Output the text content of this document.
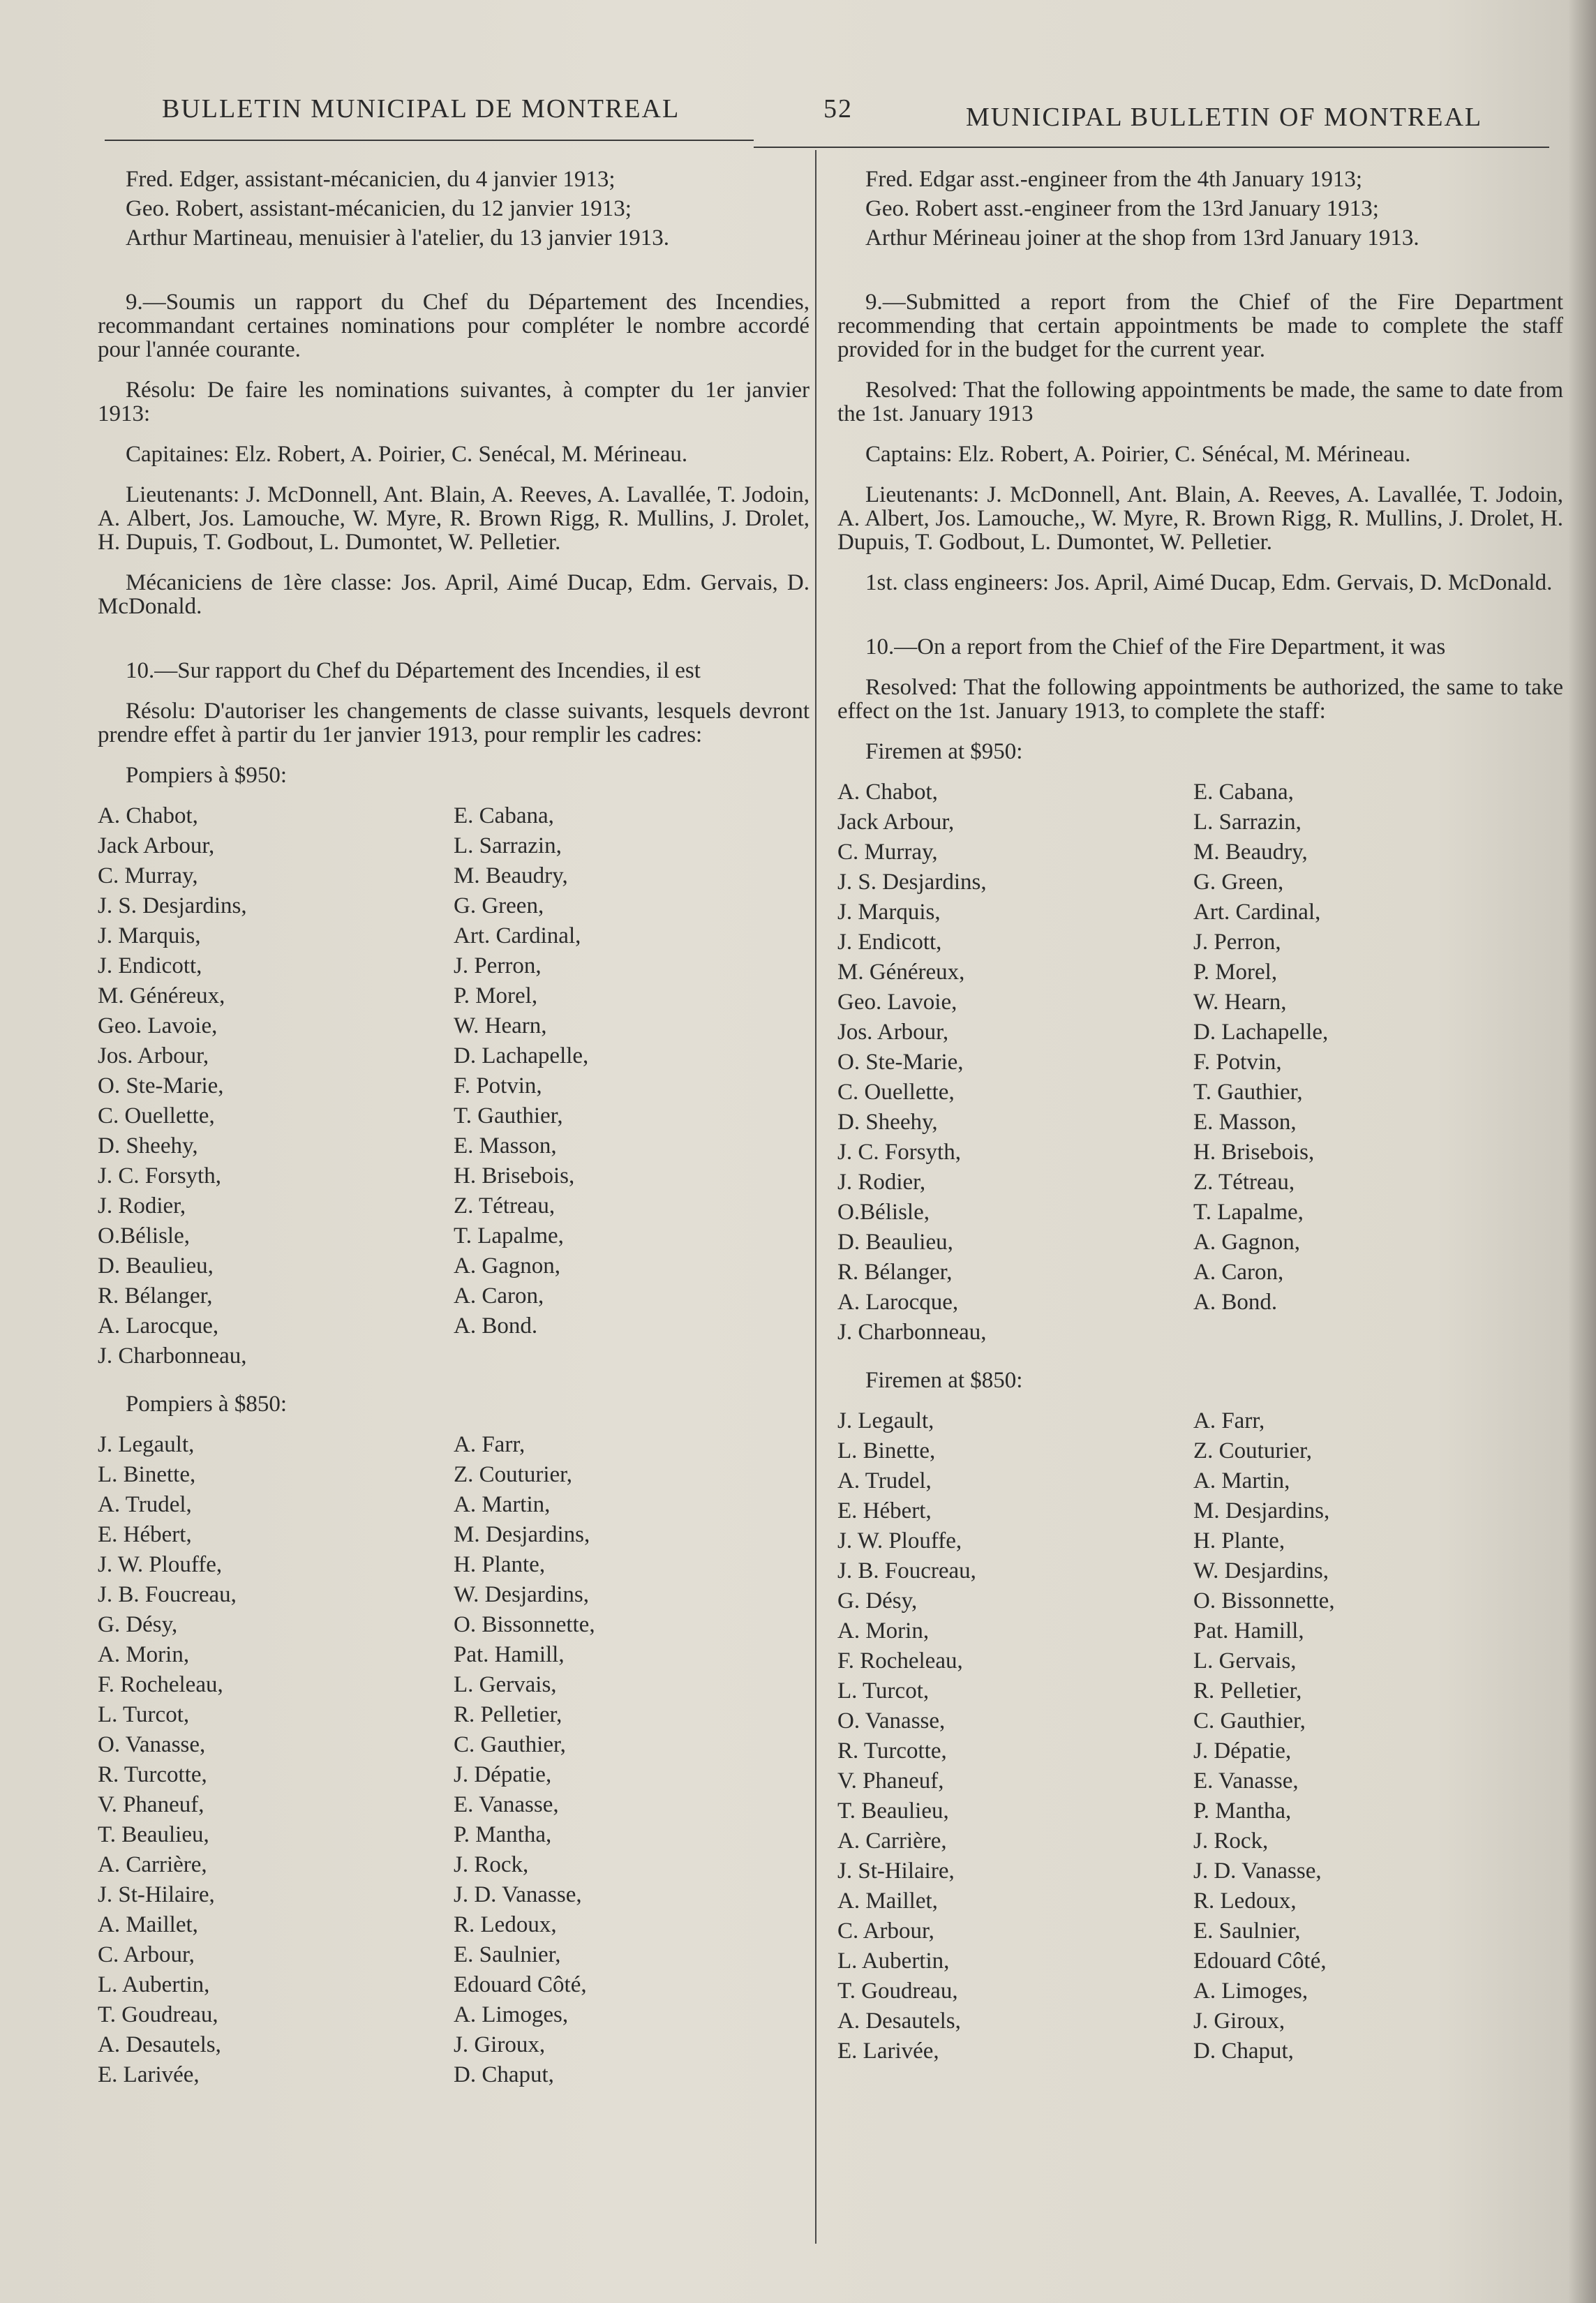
BULLETIN MUNICIPAL DE MONTREAL	52	MUNICIPAL BULLETIN OF MONTREAL

Fred. Edger, assistant-mécanicien, du 4 janvier 1913;

Geo. Robert, assistant-mécanicien, du 12 janvier 1913;

Arthur Martineau, menuisier à l'atelier, du 13 janvier 1913.

9.—Soumis un rapport du Chef du Département des Incendies, recommandant certaines nominations pour compléter le nombre accordé pour l'année courante.

Résolu: De faire les nominations suivantes, à compter du 1er janvier 1913:

Capitaines: Elz. Robert, A. Poirier, C. Senécal, M. Mérineau.

Lieutenants: J. McDonnell, Ant. Blain, A. Reeves, A. Lavallée, T. Jodoin, A. Albert, Jos. Lamouche, W. Myre, R. Brown Rigg, R. Mullins, J. Drolet, H. Dupuis, T. Godbout, L. Dumontet, W. Pelletier.

Mécaniciens de 1ère classe: Jos. April, Aimé Ducap, Edm. Gervais, D. McDonald.

10.—Sur rapport du Chef du Département des Incendies, il est

Résolu: D'autoriser les changements de classe suivants, lesquels devront prendre effet à partir du 1er janvier 1913, pour remplir les cadres:

Pompiers à $950:
A. Chabot,
Jack Arbour,
C. Murray,
J. S. Desjardins,
J. Marquis,
J. Endicott,
M. Généreux,
Geo. Lavoie,
Jos. Arbour,
O. Ste-Marie,
C. Ouellette,
D. Sheehy,
J. C. Forsyth,
J. Rodier,
O.Bélisle,
D. Beaulieu,
R. Bélanger,
A. Larocque,
J. Charbonneau,
E. Cabana,
L. Sarrazin,
M. Beaudry,
G. Green,
Art. Cardinal,
J. Perron,
P. Morel,
W. Hearn,
D. Lachapelle,
F. Potvin,
T. Gauthier,
E. Masson,
H. Brisebois,
Z. Tétreau,
T. Lapalme,
A. Gagnon,
A. Caron,
A. Bond.
Pompiers à $850:
J. Legault,
L. Binette,
A. Trudel,
E. Hébert,
J. W. Plouffe,
J. B. Foucreau,
G. Désy,
A. Morin,
F. Rocheleau,
L. Turcot,
O. Vanasse,
R. Turcotte,
V. Phaneuf,
T. Beaulieu,
A. Carrière,
J. St-Hilaire,
A. Maillet,
C. Arbour,
L. Aubertin,
T. Goudreau,
A. Desautels,
E. Larivée,
A. Farr,
Z. Couturier,
A. Martin,
M. Desjardins,
H. Plante,
W. Desjardins,
O. Bissonnette,
Pat. Hamill,
L. Gervais,
R. Pelletier,
C. Gauthier,
J. Dépatie,
E. Vanasse,
P. Mantha,
J. Rock,
J. D. Vanasse,
R. Ledoux,
E. Saulnier,
Edouard Côté,
A. Limoges,
J. Giroux,
D. Chaput,

Fred. Edgar asst.-engineer from the 4th January 1913;

Geo. Robert asst.-engineer from the 13rd January 1913;

Arthur Mérineau joiner at the shop from 13rd January 1913.

9.—Submitted a report from the Chief of the Fire Department recommending that certain appointments be made to complete the staff provided for in the budget for the current year.

Resolved: That the following appointments be made, the same to date from the 1st. January 1913

Captains: Elz. Robert, A. Poirier, C. Sénécal, M. Mérineau.

Lieutenants: J. McDonnell, Ant. Blain, A. Reeves, A. Lavallée, T. Jodoin, A. Albert, Jos. Lamouche,, W. Myre, R. Brown Rigg, R. Mullins, J. Drolet, H. Dupuis, T. Godbout, L. Dumontet, W. Pelletier.

1st. class engineers: Jos. April, Aimé Ducap, Edm. Gervais, D. McDonald.

10.—On a report from the Chief of the Fire Department, it was

Resolved: That the following appointments be authorized, the same to take effect on the 1st. January 1913, to complete the staff:

Firemen at $950:
A. Chabot,
Jack Arbour,
C. Murray,
J. S. Desjardins,
J. Marquis,
J. Endicott,
M. Généreux,
Geo. Lavoie,
Jos. Arbour,
O. Ste-Marie,
C. Ouellette,
D. Sheehy,
J. C. Forsyth,
J. Rodier,
O.Bélisle,
D. Beaulieu,
R. Bélanger,
A. Larocque,
J. Charbonneau,
E. Cabana,
L. Sarrazin,
M. Beaudry,
G. Green,
Art. Cardinal,
J. Perron,
P. Morel,
W. Hearn,
D. Lachapelle,
F. Potvin,
T. Gauthier,
E. Masson,
H. Brisebois,
Z. Tétreau,
T. Lapalme,
A. Gagnon,
A. Caron,
A. Bond.
Firemen at $850:
J. Legault,
L. Binette,
A. Trudel,
E. Hébert,
J. W. Plouffe,
J. B. Foucreau,
G. Désy,
A. Morin,
F. Rocheleau,
L. Turcot,
O. Vanasse,
R. Turcotte,
V. Phaneuf,
T. Beaulieu,
A. Carrière,
J. St-Hilaire,
A. Maillet,
C. Arbour,
L. Aubertin,
T. Goudreau,
A. Desautels,
E. Larivée,
A. Farr,
Z. Couturier,
A. Martin,
M. Desjardins,
H. Plante,
W. Desjardins,
O. Bissonnette,
Pat. Hamill,
L. Gervais,
R. Pelletier,
C. Gauthier,
J. Dépatie,
E. Vanasse,
P. Mantha,
J. Rock,
J. D. Vanasse,
R. Ledoux,
E. Saulnier,
Edouard Côté,
A. Limoges,
J. Giroux,
D. Chaput,
